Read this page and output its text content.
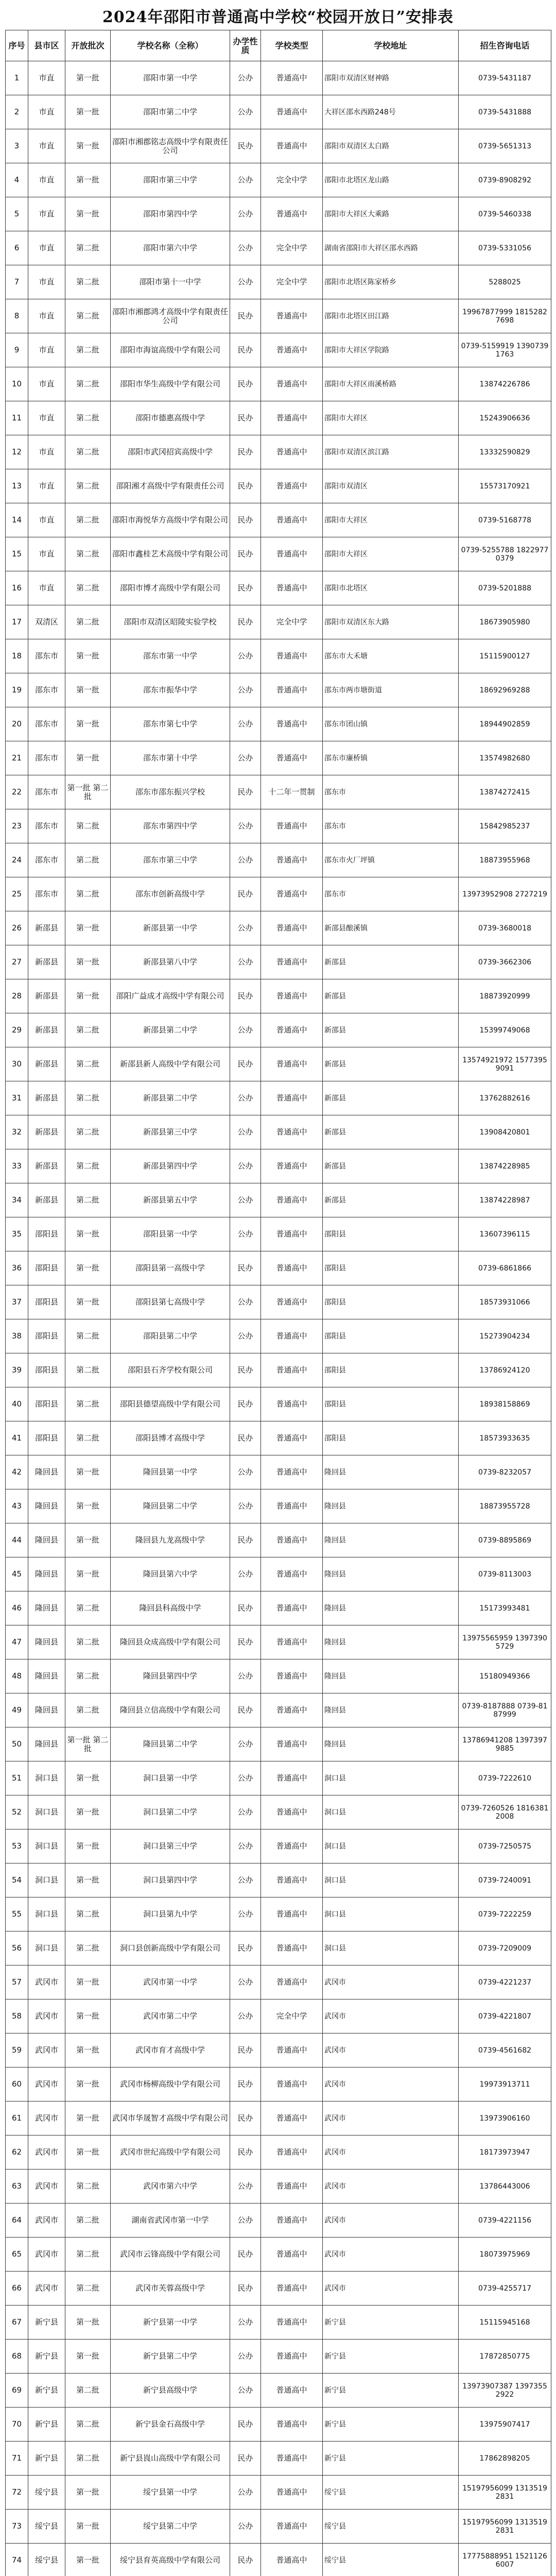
2024年邵阳市普通高中学校“校园开放日”安排表
序号	县市区	开放批次	学校名称（全称）	办学性质	学校类型	学校地址	招生咨询电话
1	市直	第一批	邵阳市第一中学	公办	普通高中	邵阳市双清区财神路	0739-5431187
2	市直	第一批	邵阳市第二中学	公办	普通高中	大祥区邵水西路248号	0739-5431888
3	市直	第一批	邵阳市湘郡铭志高级中学有限责任公司	民办	普通高中	邵阳市双清区太白路	0739-5651313
4	市直	第一批	邵阳市第三中学	公办	完全中学	邵阳市北塔区龙山路	0739-8908292
5	市直	第一批	邵阳市第四中学	公办	普通高中	邵阳市大祥区大乘路	0739-5460338
6	市直	第二批	邵阳市第六中学	公办	完全中学	湖南省邵阳市大祥区邵水西路	0739-5331056
7	市直	第二批	邵阳市第十一中学	公办	完全中学	邵阳市北塔区陈家桥乡	5288025
8	市直	第二批	邵阳市湘郡鸿才高级中学有限责任公司	民办	普通高中	邵阳市北塔区田江路	19967877999 18152827698
9	市直	第二批	邵阳市海谊高级中学有限公司	民办	普通高中	邵阳市大祥区学院路	0739-5159919 13907391763
10	市直	第二批	邵阳市华生高级中学有限公司	民办	普通高中	邵阳市大祥区雨溪桥路	13874226786
11	市直	第二批	邵阳市德惠高级中学	民办	普通高中	邵阳市大祥区	15243906636
12	市直	第二批	邵阳市武冈招宾高级中学	民办	普通高中	邵阳市双清区滨江路	13332590829
13	市直	第二批	邵阳湘才高级中学有限责任公司	民办	普通高中	邵阳市双清区	15573170921
14	市直	第二批	邵阳市海悦华方高级中学有限公司	民办	普通高中	邵阳市大祥区	0739-5168778
15	市直	第二批	邵阳市鑫桂艺术高级中学有限公司	民办	普通高中	邵阳市大祥区	0739-5255788 18229770379
16	市直	第二批	邵阳市博才高级中学有限公司	民办	普通高中	邵阳市北塔区	0739-5201888
17	双清区	第二批	邵阳市双清区昭陵实验学校	民办	完全中学	邵阳市双清区东大路	18673905980
18	邵东市	第一批	邵东市第一中学	公办	普通高中	邵东市大禾塘	15115900127
19	邵东市	第一批	邵东市振华中学	公办	普通高中	邵东市两市塘街道	18692969288
20	邵东市	第一批	邵东市第七中学	公办	普通高中	邵东市团山镇	18944902859
21	邵东市	第一批	邵东市第十中学	公办	普通高中	邵东市廉桥镇	13574982680
22	邵东市	第一批 第二批	邵东市邵东振兴学校	民办	十二年一贯制	邵东市	13874272415
23	邵东市	第二批	邵东市第四中学	公办	普通高中	邵东市	15842985237
24	邵东市	第二批	邵东市第三中学	公办	普通高中	邵东市火厂坪镇	18873955968
25	邵东市	第二批	邵东市创新高级中学	民办	普通高中	邵东市	13973952908 2727219
26	新邵县	第一批	新邵县第一中学	公办	普通高中	新邵县酿溪镇	0739-3680018
27	新邵县	第一批	新邵县第八中学	公办	普通高中	新邵县	0739-3662306
28	新邵县	第一批	邵阳广益成才高级中学有限公司	民办	普通高中	新邵县	18873920999
29	新邵县	第二批	新邵县第二中学	公办	普通高中	新邵县	15399749068
30	新邵县	第二批	新邵县新人高级中学有限公司	民办	普通高中	新邵县	13574921972 15773959091
31	新邵县	第二批	新邵县第二中学	公办	普通高中	新邵县	13762882616
32	新邵县	第二批	新邵县第三中学	公办	普通高中	新邵县	13908420801
33	新邵县	第二批	新邵县第四中学	公办	普通高中	新邵县	13874228985
34	新邵县	第二批	新邵县第五中学	公办	普通高中	新邵县	13874228987
35	邵阳县	第一批	邵阳县第一中学	公办	普通高中	邵阳县	13607396115
36	邵阳县	第一批	邵阳县第一高级中学	民办	普通高中	邵阳县	0739-6861866
37	邵阳县	第一批	邵阳县第七高级中学	公办	普通高中	邵阳县	18573931066
38	邵阳县	第二批	邵阳县第二中学	公办	普通高中	邵阳县	15273904234
39	邵阳县	第二批	邵阳县石齐学校有限公司	民办	普通高中	邵阳县	13786924120
40	邵阳县	第二批	邵阳县德望高级中学有限公司	民办	普通高中	邵阳县	18938158869
41	邵阳县	第二批	邵阳县博才高级中学	民办	普通高中	邵阳县	18573933635
42	隆回县	第一批	隆回县第一中学	公办	普通高中	隆回县	0739-8232057
43	隆回县	第一批	隆回县第二中学	公办	普通高中	隆回县	18873955728
44	隆回县	第一批	隆回县九龙高级中学	民办	普通高中	隆回县	0739-8895869
45	隆回县	第一批	隆回县第六中学	公办	普通高中	隆回县	0739-8113003
46	隆回县	第二批	隆回县科高级中学	民办	普通高中	隆回县	15173993481
47	隆回县	第二批	隆回县众成高级中学有限公司	民办	普通高中	隆回县	13975565959 13973905729
48	隆回县	第二批	隆回县第四中学	公办	普通高中	隆回县	15180949366
49	隆回县	第二批	隆回县立信高级中学有限公司	民办	普通高中	隆回县	0739-8187888 0739-8187999
50	隆回县	第一批 第二批	隆回县第二中学	公办	普通高中	隆回县	13786941208 13973979885
51	洞口县	第一批	洞口县第一中学	公办	普通高中	洞口县	0739-7222610
52	洞口县	第一批	洞口县第二中学	公办	普通高中	洞口县	0739-7260526 18163812008
53	洞口县	第一批	洞口县第三中学	公办	普通高中	洞口县	0739-7250575
54	洞口县	第一批	洞口县第四中学	公办	普通高中	洞口县	0739-7240091
55	洞口县	第二批	洞口县第九中学	公办	普通高中	洞口县	0739-7222259
56	洞口县	第二批	洞口县创新高级中学有限公司	民办	普通高中	洞口县	0739-7209009
57	武冈市	第一批	武冈市第一中学	公办	普通高中	武冈市	0739-4221237
58	武冈市	第一批	武冈市第二中学	公办	完全中学	武冈市	0739-4221807
59	武冈市	第一批	武冈市育才高级中学	民办	普通高中	武冈市	0739-4561682
60	武冈市	第一批	武冈市杨柳高级中学有限公司	民办	普通高中	武冈市	19973913711
61	武冈市	第一批	武冈市华晟智才高级中学有限公司	民办	普通高中	武冈市	13973906160
62	武冈市	第一批	武冈市世纪高级中学有限公司	民办	普通高中	武冈市	18173973947
63	武冈市	第二批	武冈市第六中学	公办	普通高中	武冈市	13786443006
64	武冈市	第二批	湖南省武冈市第一中学	公办	普通高中	武冈市	0739-4221156
65	武冈市	第二批	武冈市云锋高级中学有限公司	民办	普通高中	武冈市	18073975969
66	武冈市	第二批	武冈市芙蓉高级中学	民办	普通高中	武冈市	0739-4255717
67	新宁县	第一批	新宁县第一中学	公办	普通高中	新宁县	15115945168
68	新宁县	第一批	新宁县第二中学	公办	普通高中	新宁县	17872850775
69	新宁县	第二批	新宁县高级中学	公办	普通高中	新宁县	13973907387 13973552922
70	新宁县	第二批	新宁县金石高级中学	民办	普通高中	新宁县	13975907417
71	新宁县	第二批	新宁县崀山高级中学有限公司	民办	普通高中	新宁县	17862898205
72	绥宁县	第一批	绥宁县第一中学	公办	普通高中	绥宁县	15197956099 13135192831
73	绥宁县	第一批	绥宁县第二中学	公办	普通高中	绥宁县	15197956099 13135192831
74	绥宁县	第一批	绥宁县育英高级中学有限公司	民办	普通高中	绥宁县	17775888951 15211266007
